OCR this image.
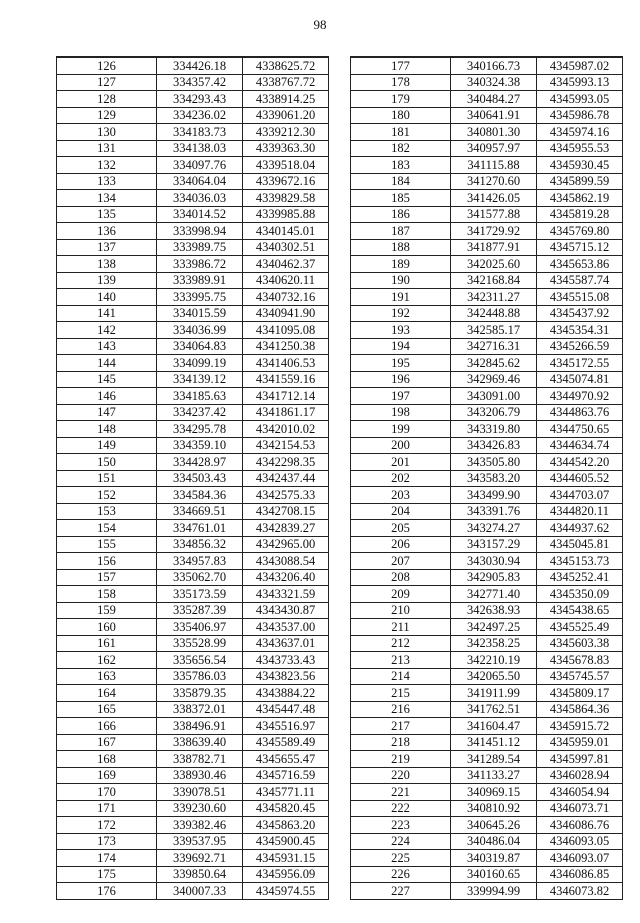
98
126	334426.18	4338625.72
127	334357.42	4338767.72
128	334293.43	4338914.25
129	334236.02	4339061.20
130	334183.73	4339212.30
131	334138.03	4339363.30
132	334097.76	4339518.04
133	334064.04	4339672.16
134	334036.03	4339829.58
135	334014.52	4339985.88
136	333998.94	4340145.01
137	333989.75	4340302.51
138	333986.72	4340462.37
139	333989.91	4340620.11
140	333995.75	4340732.16
141	334015.59	4340941.90
142	334036.99	4341095.08
143	334064.83	4341250.38
144	334099.19	4341406.53
145	334139.12	4341559.16
146	334185.63	4341712.14
147	334237.42	4341861.17
148	334295.78	4342010.02
149	334359.10	4342154.53
150	334428.97	4342298.35
151	334503.43	4342437.44
152	334584.36	4342575.33
153	334669.51	4342708.15
154	334761.01	4342839.27
155	334856.32	4342965.00
156	334957.83	4343088.54
157	335062.70	4343206.40
158	335173.59	4343321.59
159	335287.39	4343430.87
160	335406.97	4343537.00
161	335528.99	4343637.01
162	335656.54	4343733.43
163	335786.03	4343823.56
164	335879.35	4343884.22
165	338372.01	4345447.48
166	338496.91	4345516.97
167	338639.40	4345589.49
168	338782.71	4345655.47
169	338930.46	4345716.59
170	339078.51	4345771.11
171	339230.60	4345820.45
172	339382.46	4345863.20
173	339537.95	4345900.45
174	339692.71	4345931.15
175	339850.64	4345956.09
176	340007.33	4345974.55
177	340166.73	4345987.02
178	340324.38	4345993.13
179	340484.27	4345993.05
180	340641.91	4345986.78
181	340801.30	4345974.16
182	340957.97	4345955.53
183	341115.88	4345930.45
184	341270.60	4345899.59
185	341426.05	4345862.19
186	341577.88	4345819.28
187	341729.92	4345769.80
188	341877.91	4345715.12
189	342025.60	4345653.86
190	342168.84	4345587.74
191	342311.27	4345515.08
192	342448.88	4345437.92
193	342585.17	4345354.31
194	342716.31	4345266.59
195	342845.62	4345172.55
196	342969.46	4345074.81
197	343091.00	4344970.92
198	343206.79	4344863.76
199	343319.80	4344750.65
200	343426.83	4344634.74
201	343505.80	4344542.20
202	343583.20	4344605.52
203	343499.90	4344703.07
204	343391.76	4344820.11
205	343274.27	4344937.62
206	343157.29	4345045.81
207	343030.94	4345153.73
208	342905.83	4345252.41
209	342771.40	4345350.09
210	342638.93	4345438.65
211	342497.25	4345525.49
212	342358.25	4345603.38
213	342210.19	4345678.83
214	342065.50	4345745.57
215	341911.99	4345809.17
216	341762.51	4345864.36
217	341604.47	4345915.72
218	341451.12	4345959.01
219	341289.54	4345997.81
220	341133.27	4346028.94
221	340969.15	4346054.94
222	340810.92	4346073.71
223	340645.26	4346086.76
224	340486.04	4346093.05
225	340319.87	4346093.07
226	340160.65	4346086.85
227	339994.99	4346073.82
